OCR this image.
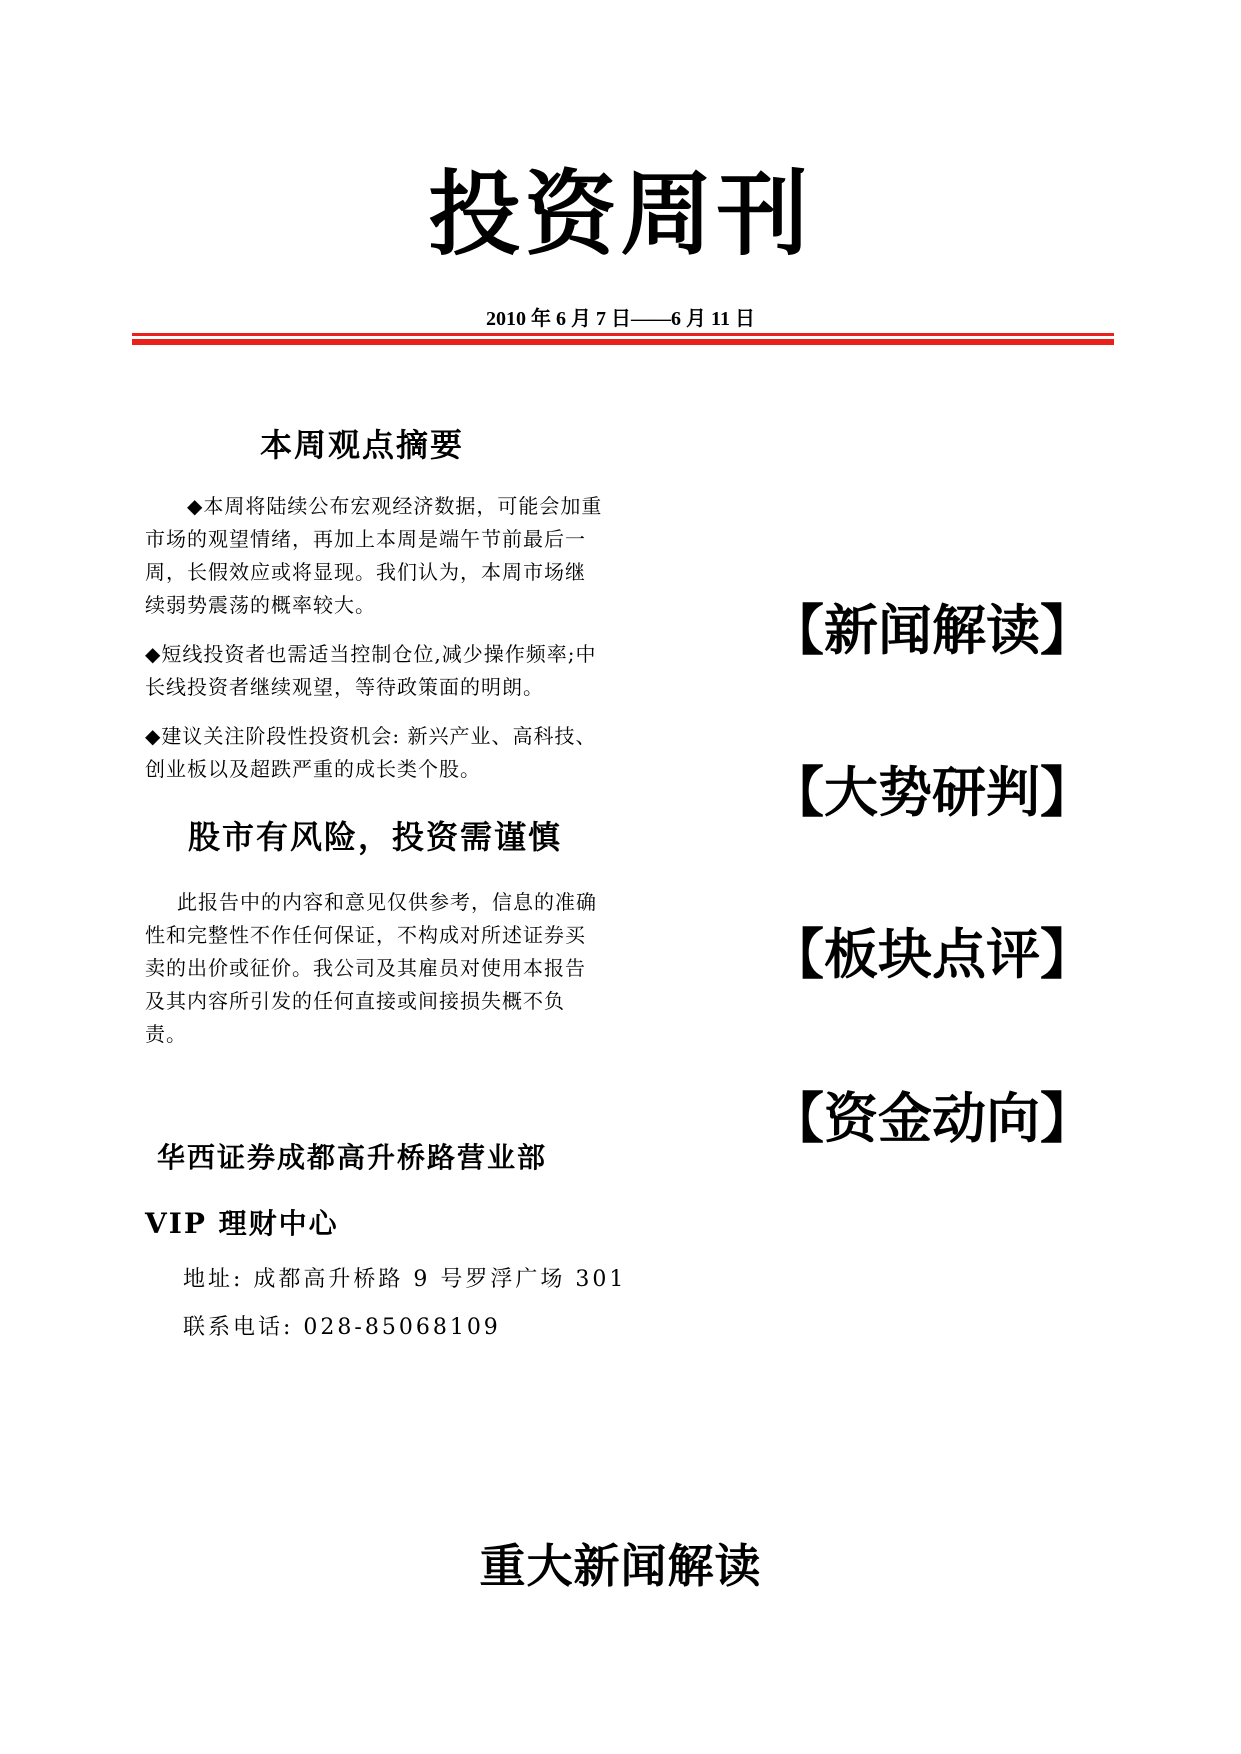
投资周刊
2010 年 6 月 7 日——6 月 11 日
本周观点摘要

◆本周将陆续公布宏观经济数据，可能会加重市场的观望情绪，再加上本周是端午节前最后一周，长假效应或将显现。我们认为，本周市场继续弱势震荡的概率较大。

◆短线投资者也需适当控制仓位,减少操作频率;中长线投资者继续观望，等待政策面的明朗。

◆建议关注阶段性投资机会: 新兴产业、高科技、创业板以及超跌严重的成长类个股。

股市有风险，投资需谨慎

此报告中的内容和意见仅供参考，信息的准确性和完整性不作任何保证，不构成对所述证券买卖的出价或征价。我公司及其雇员对使用本报告及其内容所引发的任何直接或间接损失概不负责。

华西证券成都高升桥路营业部 VIP 理财中心
地址: 成都高升桥路 9 号罗浮广场 301
联系电话: 028-85068109
【新闻解读】
【大势研判】
【板块点评】
【资金动向】
重大新闻解读
